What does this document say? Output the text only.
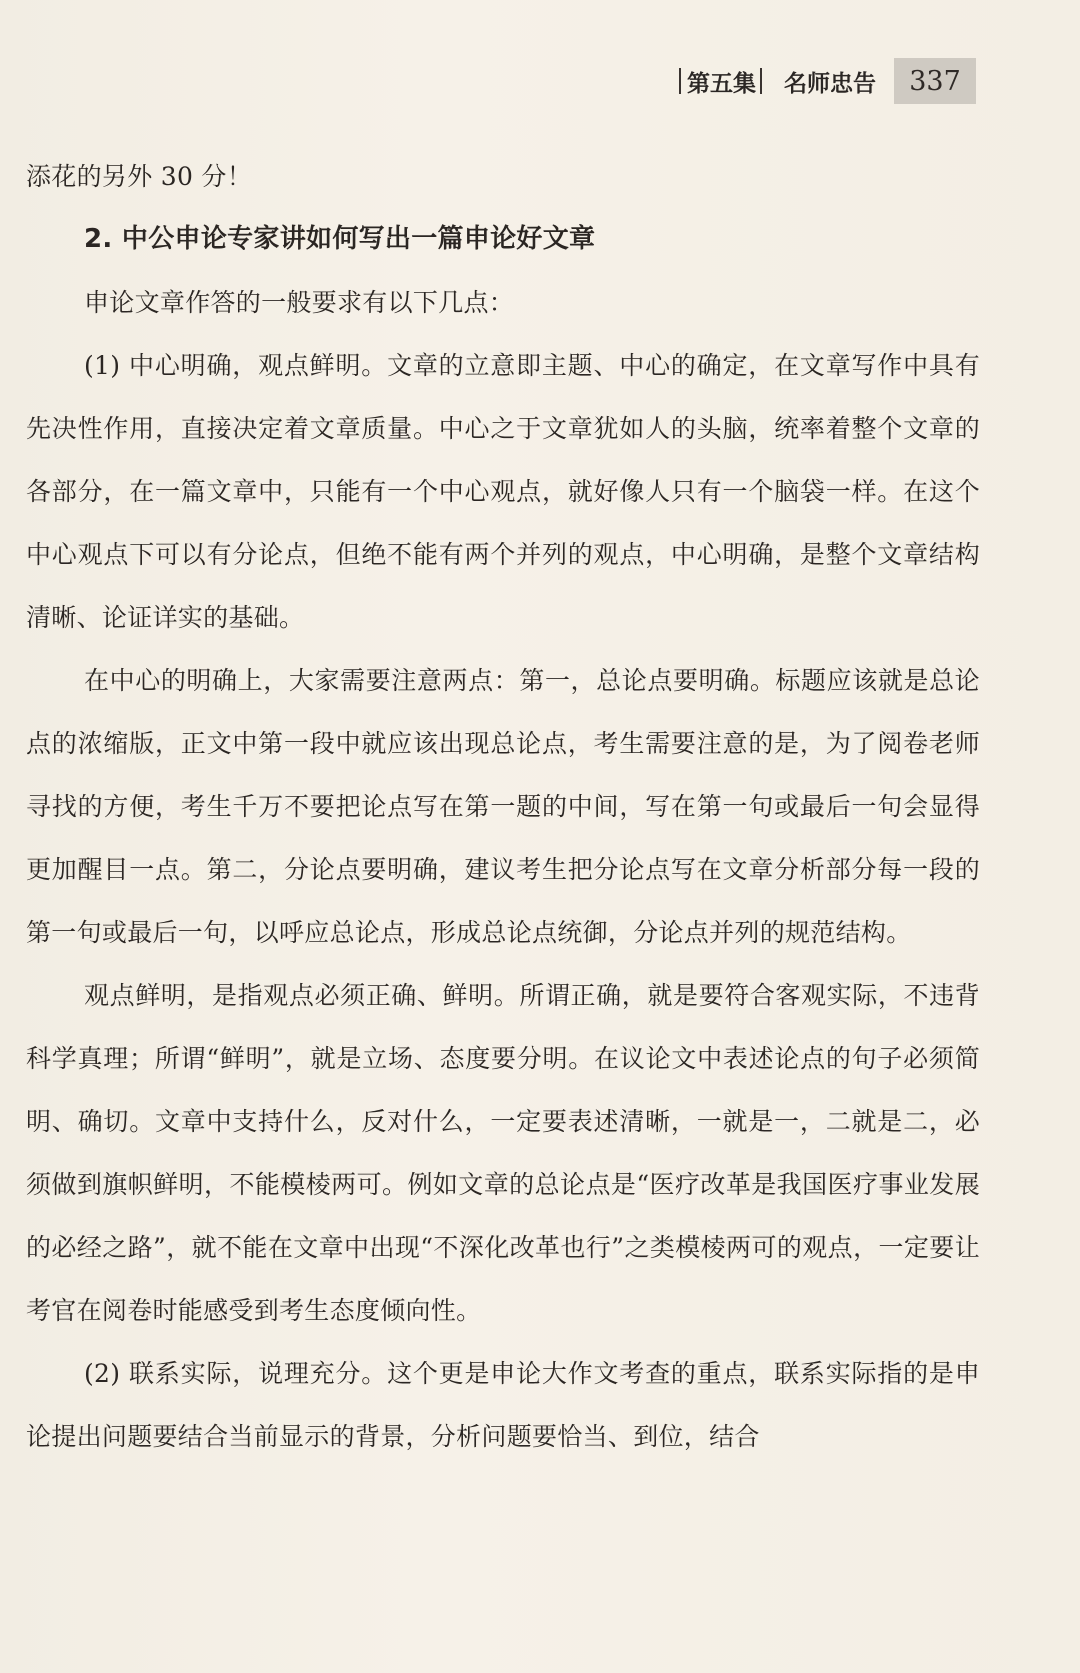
第五集 名师忠告	337

添花的另外 30 分！

2. 中公申论专家讲如何写出一篇申论好文章

申论文章作答的一般要求有以下几点：

(1) 中心明确，观点鲜明。文章的立意即主题、中心的确定，在文章写作中具有先决性作用，直接决定着文章质量。中心之于文章犹如人的头脑，统率着整个文章的各部分，在一篇文章中，只能有一个中心观点，就好像人只有一个脑袋一样。在这个中心观点下可以有分论点，但绝不能有两个并列的观点，中心明确，是整个文章结构清晰、论证详实的基础。

在中心的明确上，大家需要注意两点：第一，总论点要明确。标题应该就是总论点的浓缩版，正文中第一段中就应该出现总论点，考生需要注意的是，为了阅卷老师寻找的方便，考生千万不要把论点写在第一题的中间，写在第一句或最后一句会显得更加醒目一点。第二，分论点要明确，建议考生把分论点写在文章分析部分每一段的第一句或最后一句，以呼应总论点，形成总论点统御，分论点并列的规范结构。

观点鲜明，是指观点必须正确、鲜明。所谓正确，就是要符合客观实际，不违背科学真理；所谓“鲜明”，就是立场、态度要分明。在议论文中表述论点的句子必须简明、确切。文章中支持什么，反对什么，一定要表述清晰，一就是一，二就是二，必须做到旗帜鲜明，不能模棱两可。例如文章的总论点是“医疗改革是我国医疗事业发展的必经之路”，就不能在文章中出现“不深化改革也行”之类模棱两可的观点，一定要让考官在阅卷时能感受到考生态度倾向性。

(2) 联系实际，说理充分。这个更是申论大作文考查的重点，联系实际指的是申论提出问题要结合当前显示的背景，分析问题要恰当、到位，结合
